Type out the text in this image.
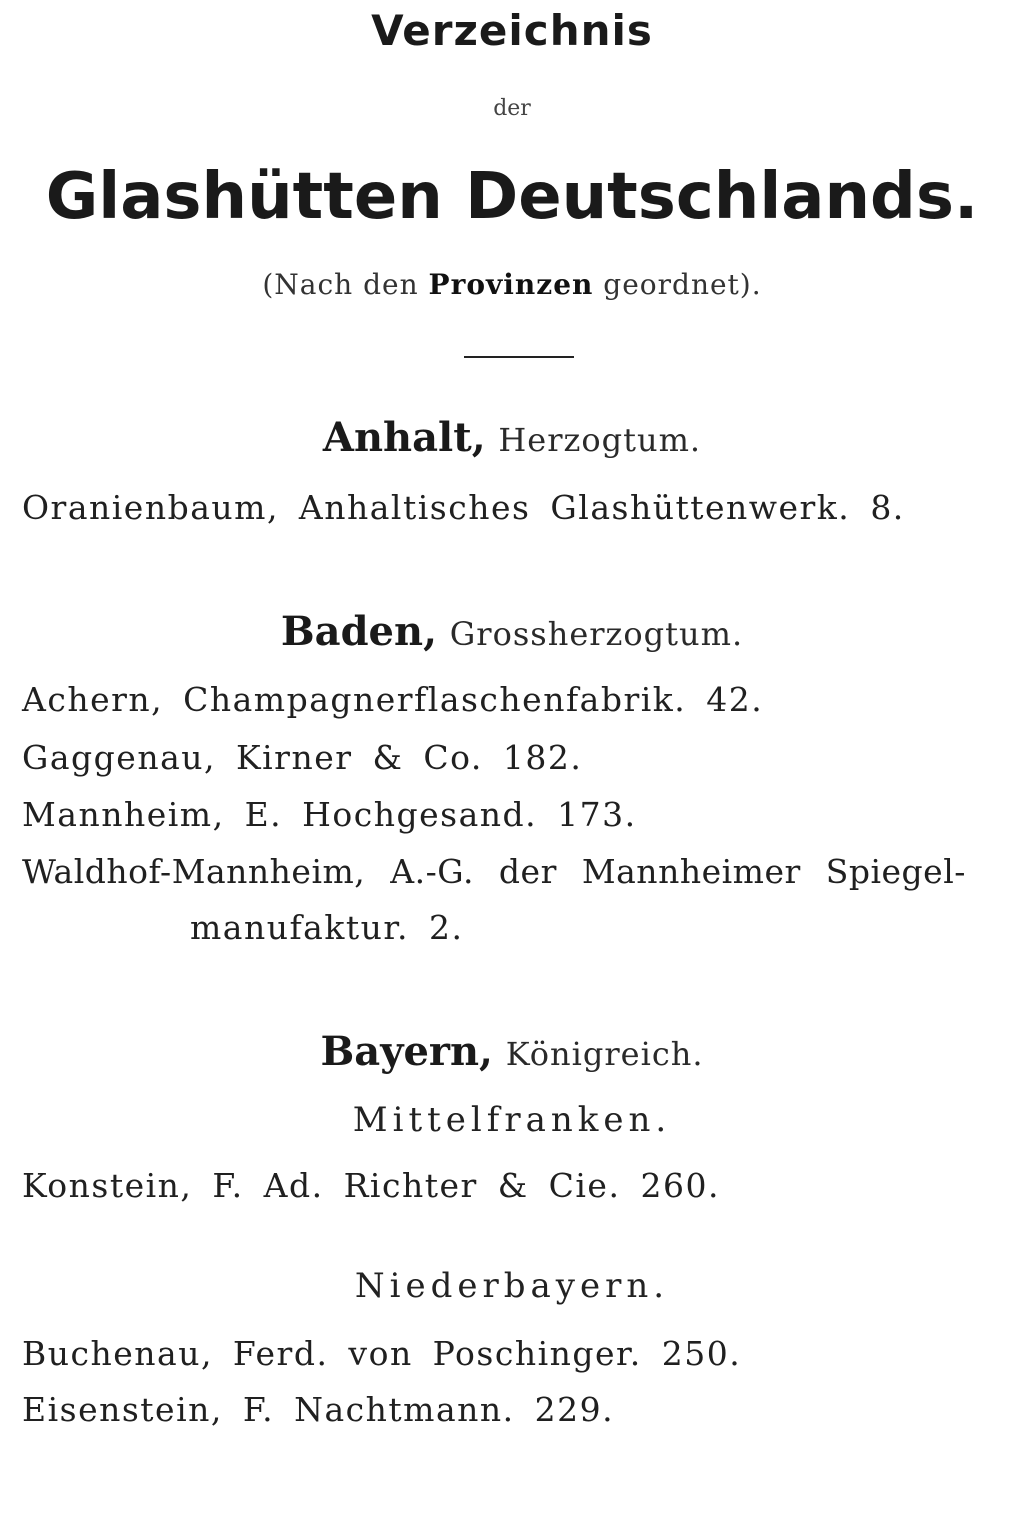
Verzeichnis
der
Glashütten Deutschlands.
(Nach den Provinzen geordnet).
Anhalt, Herzogtum.
Oranienbaum, Anhaltisches Glashüttenwerk. 8.
Baden, Grossherzogtum.
Achern, Champagnerflaschenfabrik. 42.
Gaggenau, Kirner & Co. 182.
Mannheim, E. Hochgesand. 173.
Waldhof-Mannheim, A.-G. der Mannheimer Spiegel-
manufaktur. 2.
Bayern, Königreich.
Mittelfranken.
Konstein, F. Ad. Richter & Cie. 260.
Niederbayern.
Buchenau, Ferd. von Poschinger. 250.
Eisenstein, F. Nachtmann. 229.
